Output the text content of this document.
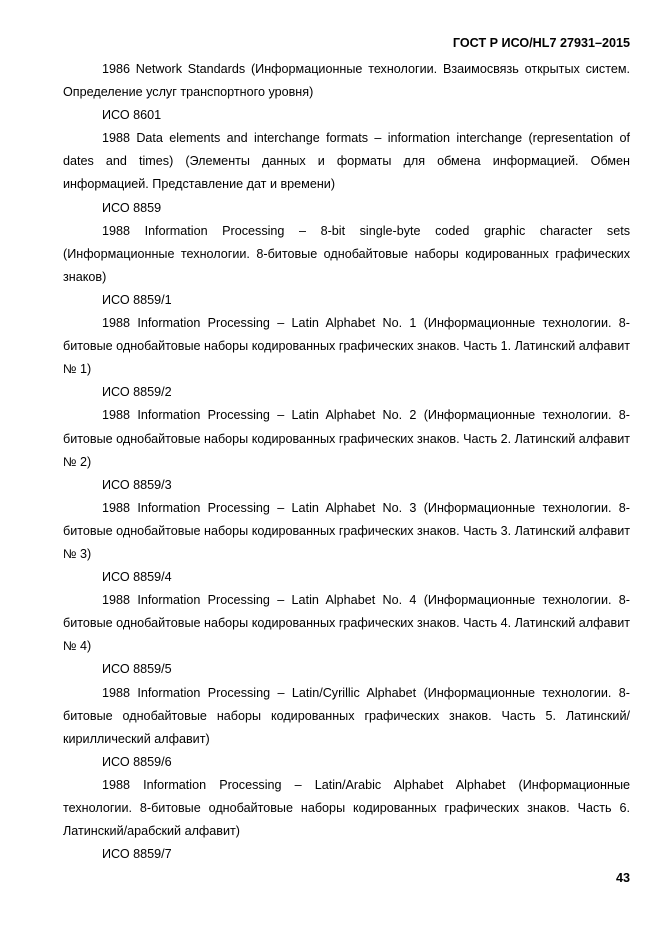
ГОСТ Р ИСО/HL7 27931–2015

1986 Network Standards (Информационные технологии. Взаимосвязь открытых систем. Определение услуг транспортного уровня)

ИСО 8601

1988 Data elements and interchange formats – information interchange (representation of dates and times) (Элементы данных и форматы для обмена информацией. Обмен информацией. Представление дат и времени)

ИСО 8859

1988 Information Processing – 8-bit single-byte coded graphic character sets (Информационные технологии. 8-битовые однобайтовые наборы кодированных графических знаков)

ИСО 8859/1

1988 Information Processing – Latin Alphabet No. 1 (Информационные технологии. 8-битовые однобайтовые наборы кодированных графических знаков. Часть 1. Латинский алфавит № 1)

ИСО 8859/2

1988 Information Processing – Latin Alphabet No. 2 (Информационные технологии. 8-битовые однобайтовые наборы кодированных графических знаков. Часть 2. Латинский алфавит № 2)

ИСО 8859/3

1988 Information Processing – Latin Alphabet No. 3 (Информационные технологии. 8-битовые однобайтовые наборы кодированных графических знаков. Часть 3. Латинский алфавит № 3)

ИСО 8859/4

1988 Information Processing – Latin Alphabet No. 4 (Информационные технологии. 8-битовые однобайтовые наборы кодированных графических знаков. Часть 4. Латинский алфавит № 4)

ИСО 8859/5

1988 Information Processing – Latin/Cyrillic Alphabet (Информационные технологии. 8-битовые однобайтовые наборы кодированных графических знаков. Часть 5. Латинский/кириллический алфавит)

ИСО 8859/6

1988 Information Processing – Latin/Arabic Alphabet Alphabet (Информационные технологии. 8-битовые однобайтовые наборы кодированных графических знаков. Часть 6. Латинский/арабский алфавит)

ИСО 8859/7

43
